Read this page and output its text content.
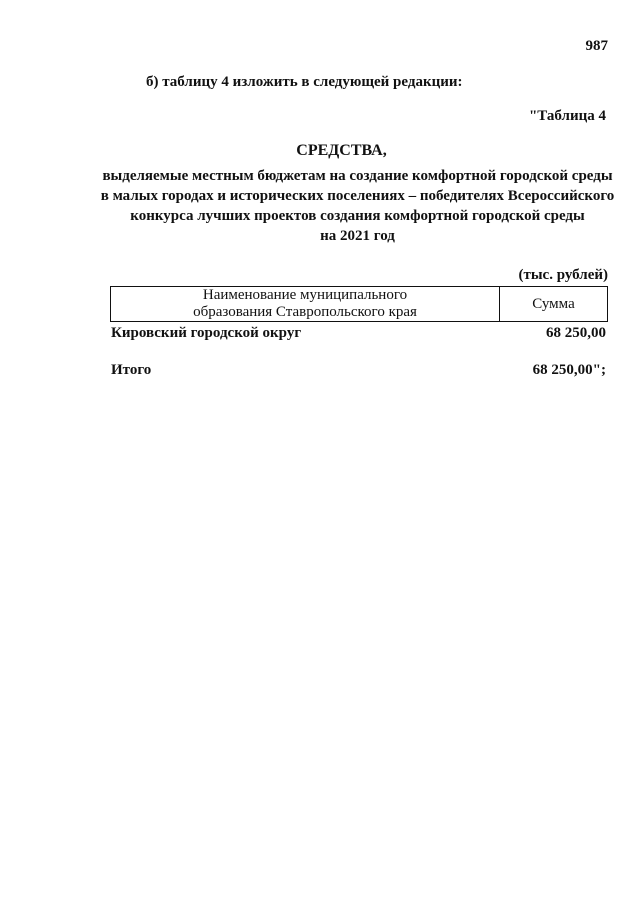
987
б) таблицу 4 изложить в следующей редакции:
"Таблица 4
СРЕДСТВА,
выделяемые местным бюджетам на создание комфортной городской среды
в малых городах и исторических поселениях – победителях Всероссийского
конкурса лучших проектов создания комфортной городской среды
на 2021 год
(тыс. рублей)
Наименование муниципального
образования Ставропольского края	Сумма
Кировский городской округ	68 250,00
Итого	68 250,00";
